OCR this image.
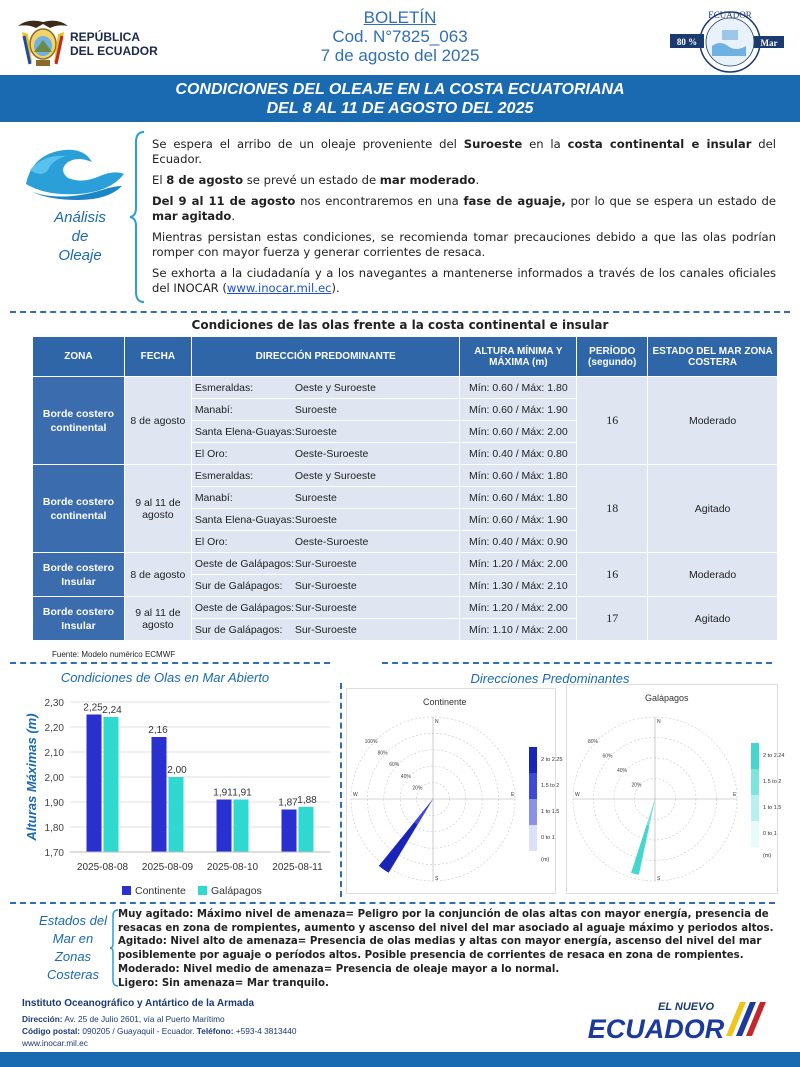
REPÚBLICA
DEL ECUADOR
BOLETÍN
Cod. N°7825_063
7 de agosto del 2025
ECUADOR
80 %	Mar
CONDICIONES DEL OLEAJE EN LA COSTA ECUATORIANA
DEL 8 AL 11 DE AGOSTO DEL 2025
Análisis
de
Oleaje

Se espera el arribo de un oleaje proveniente del Suroeste en la costa continental e insular del Ecuador.

El 8 de agosto se prevé un estado de mar moderado.

Del 9 al 11 de agosto nos encontraremos en una fase de aguaje, por lo que se espera un estado de mar agitado.

Mientras persistan estas condiciones, se recomienda tomar precauciones debido a que las olas podrían romper con mayor fuerza y generar corrientes de resaca.

Se exhorta a la ciudadanía y a los navegantes a mantenerse informados a través de los canales oficiales del INOCAR (www.inocar.mil.ec).

Condiciones de las olas frente a la costa continental e insular
ZONA	FECHA	DIRECCIÓN PREDOMINANTE	ALTURA MÍNIMA Y MÁXIMA (m)	PERÍODO (segundo)	ESTADO DEL MAR ZONA COSTERA
Borde costero continental	8 de agosto	Esmeraldas: Oeste y Suroeste	Mín: 0.60 / Máx: 1.80	16	Moderado

		Manabí: Suroeste	Mín: 0.60 / Máx: 1.90		

		Santa Elena-Guayas: Suroeste	Mín: 0.60 / Máx: 2.00		

		El Oro: Oeste-Suroeste	Mín: 0.40 / Máx: 0.80		
Borde costero continental	9 al 11 de agosto	Esmeraldas: Oeste y Suroeste	Mín: 0.60 / Máx: 1.80	18	Agitado

		Manabí: Suroeste	Mín: 0.60 / Máx: 1.80		

		Santa Elena-Guayas: Suroeste	Mín: 0.60 / Máx: 1.90		

		El Oro: Oeste-Suroeste	Mín: 0.40 / Máx: 0.90		
Borde costero Insular	8 de agosto	Oeste de Galápagos: Sur-Suroeste	Mín: 1.20 / Máx: 2.00	16	Moderado

		Sur de Galápagos: Sur-Suroeste	Mín: 1.30 / Máx: 2.10		
Borde costero Insular	9 al 11 de agosto	Oeste de Galápagos: Sur-Suroeste	Mín: 1.20 / Máx: 2.00	17	Agitado

		Sur de Galápagos: Sur-Suroeste	Mín: 1.10 / Máx: 2.00		
Fuente: Modelo numérico ECMWF
Condiciones de Olas en Mar Abierto
1,70
1,80
1,90
2,00
2,10
2,20
2,30
Alturas Máximas (m)
2,25 2,24
2025-08-08
2,16
2,00
2025-08-09
1,91 1,91
2025-08-10
1,87 1,88
2025-08-11
Continente Galápagos
Direcciones Predominantes
Continente
20%
40%
60%
80%
100%
N
S
E
W
2 to 2.25
1.5 to 2
1 to 1.5
0 to 1
(m)
Galápagos
20%
40%
60%
80%
N
S
E
W
2 to 2.24
1.5 to 2
1 to 1.5
0 to 1
(m)
Estados del
Mar en
Zonas
Costeras
Muy agitado: Máximo nivel de amenaza= Peligro por la conjunción de olas altas con mayor energía, presencia de resacas en zona de rompientes, aumento y ascenso del nivel del mar asociado al aguaje máximo y periodos altos.
Agitado: Nivel alto de amenaza= Presencia de olas medias y altas con mayor energía, ascenso del nivel del mar posiblemente por aguaje o períodos altos. Posible presencia de corrientes de resaca en zona de rompientes.
Moderado: Nivel medio de amenaza= Presencia de oleaje mayor a lo normal.
Ligero: Sin amenaza= Mar tranquilo.
Instituto Oceanográfico y Antártico de la Armada
Dirección: Av. 25 de Julio 2601, vía al Puerto Marítimo
Código postal: 090205 / Guayaquil - Ecuador. Teléfono: +593-4 3813440
www.inocar.mil.ec
EL NUEVO
ECUADOR
